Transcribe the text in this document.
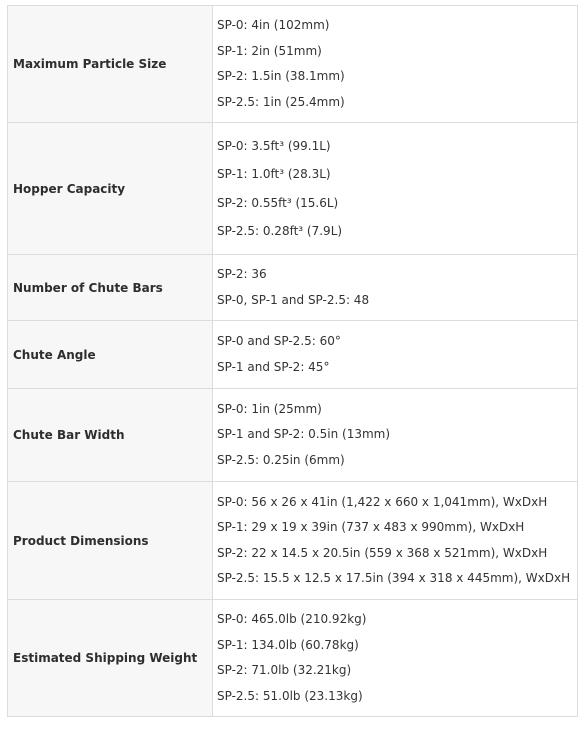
Maximum Particle Size	SP-0: 4in (102mm)
SP-1: 2in (51mm)
SP-2: 1.5in (38.1mm)
SP-2.5: 1in (25.4mm)

Hopper Capacity	SP-0: 3.5ft³ (99.1L)
SP-1: 1.0ft³ (28.3L)
SP-2: 0.55ft³ (15.6L)
SP-2.5: 0.28ft³ (7.9L)

Number of Chute Bars	SP-2: 36
SP-0, SP-1 and SP-2.5: 48

Chute Angle	SP-0 and SP-2.5: 60°
SP-1 and SP-2: 45°

Chute Bar Width	SP-0: 1in (25mm)
SP-1 and SP-2: 0.5in (13mm)
SP-2.5: 0.25in (6mm)

Product Dimensions	SP-0: 56 x 26 x 41in (1,422 x 660 x 1,041mm), WxDxH
SP-1: 29 x 19 x 39in (737 x 483 x 990mm), WxDxH
SP-2: 22 x 14.5 x 20.5in (559 x 368 x 521mm), WxDxH
SP-2.5: 15.5 x 12.5 x 17.5in (394 x 318 x 445mm), WxDxH

Estimated Shipping Weight	SP-0: 465.0lb (210.92kg)
SP-1: 134.0lb (60.78kg)
SP-2: 71.0lb (32.21kg)
SP-2.5: 51.0lb (23.13kg)
